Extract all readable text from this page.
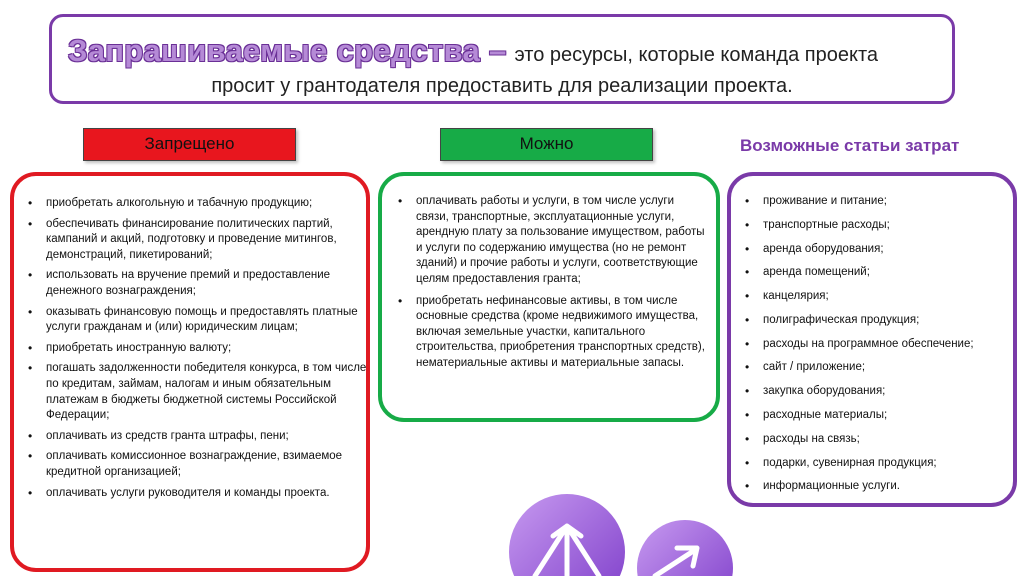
Запрашиваемые средства – это ресурсы, которые команда проекта
просит у грантодателя предоставить для реализации проекта.
Запрещено	Можно	Возможные статьи затрат
• приобретать алкогольную и табачную продукцию;
• обеспечивать финансирование политических партий, кампаний и акций, подготовку и проведение митингов, демонстраций, пикетирований;
• использовать на вручение премий и предоставление денежного вознаграждения;
• оказывать финансовую помощь и предоставлять платные услуги гражданам и (или) юридическим лицам;
• приобретать иностранную валюту;
• погашать задолженности победителя конкурса, в том числе по кредитам, займам, налогам и иным обязательным платежам в бюджеты бюджетной системы Российской Федерации;
• оплачивать из средств гранта штрафы, пени;
• оплачивать комиссионное вознаграждение, взимаемое кредитной организацией;
• оплачивать услуги руководителя и команды проекта.
• оплачивать работы и услуги, в том числе услуги связи, транспортные, эксплуатационные услуги, арендную плату за пользование имуществом, работы и услуги по содержанию имущества (но не ремонт зданий) и прочие работы и услуги, соответствующие целям предоставления гранта;
• приобретать нефинансовые активы, в том числе основные средства (кроме недвижимого имущества, включая земельные участки, капитального строительства, приобретения транспортных средств), нематериальные активы и материальные запасы.
• проживание и питание;
• транспортные расходы;
• аренда оборудования;
• аренда помещений;
• канцелярия;
• полиграфическая продукция;
• расходы на программное обеспечение;
• сайт / приложение;
• закупка оборудования;
• расходные материалы;
• расходы на связь;
• подарки, сувенирная продукция;
• информационные услуги.
